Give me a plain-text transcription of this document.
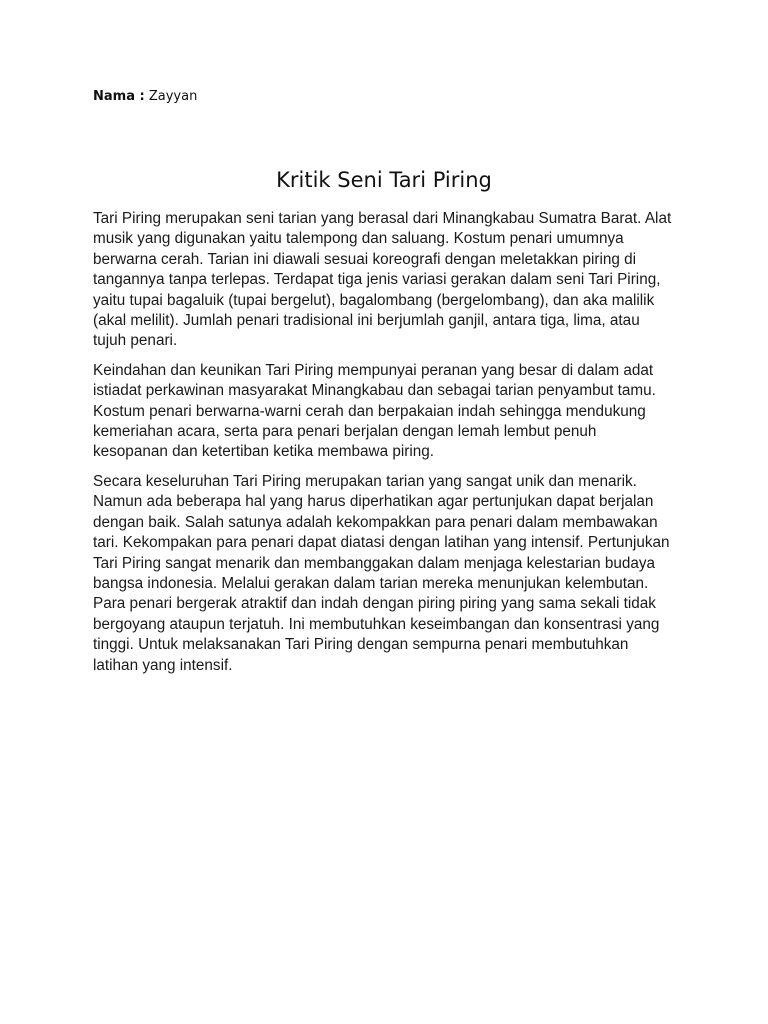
Nama : Zayyan
Kritik Seni Tari Piring

Tari Piring merupakan seni tarian yang berasal dari Minangkabau Sumatra Barat. Alat musik yang digunakan yaitu talempong dan saluang. Kostum penari umumnya berwarna cerah. Tarian ini diawali sesuai koreografi dengan meletakkan piring di tangannya tanpa terlepas. Terdapat tiga jenis variasi gerakan dalam seni Tari Piring, yaitu tupai bagaluik (tupai bergelut), bagalombang (bergelombang), dan aka malilik (akal melilit). Jumlah penari tradisional ini berjumlah ganjil, antara tiga, lima, atau tujuh penari.

Keindahan dan keunikan Tari Piring mempunyai peranan yang besar di dalam adat istiadat perkawinan masyarakat Minangkabau dan sebagai tarian penyambut tamu. Kostum penari berwarna-warni cerah dan berpakaian indah sehingga mendukung kemeriahan acara, serta para penari berjalan dengan lemah lembut penuh kesopanan dan ketertiban ketika membawa piring.

Secara keseluruhan Tari Piring merupakan tarian yang sangat unik dan menarik. Namun ada beberapa hal yang harus diperhatikan agar pertunjukan dapat berjalan dengan baik. Salah satunya adalah kekompakkan para penari dalam membawakan tari. Kekompakan para penari dapat diatasi dengan latihan yang intensif. Pertunjukan Tari Piring sangat menarik dan membanggakan dalam menjaga kelestarian budaya bangsa indonesia. Melalui gerakan dalam tarian mereka menunjukan kelembutan. Para penari bergerak atraktif dan indah dengan piring piring yang sama sekali tidak bergoyang ataupun terjatuh. Ini membutuhkan keseimbangan dan konsentrasi yang tinggi. Untuk melaksanakan Tari Piring dengan sempurna penari membutuhkan latihan yang intensif.
